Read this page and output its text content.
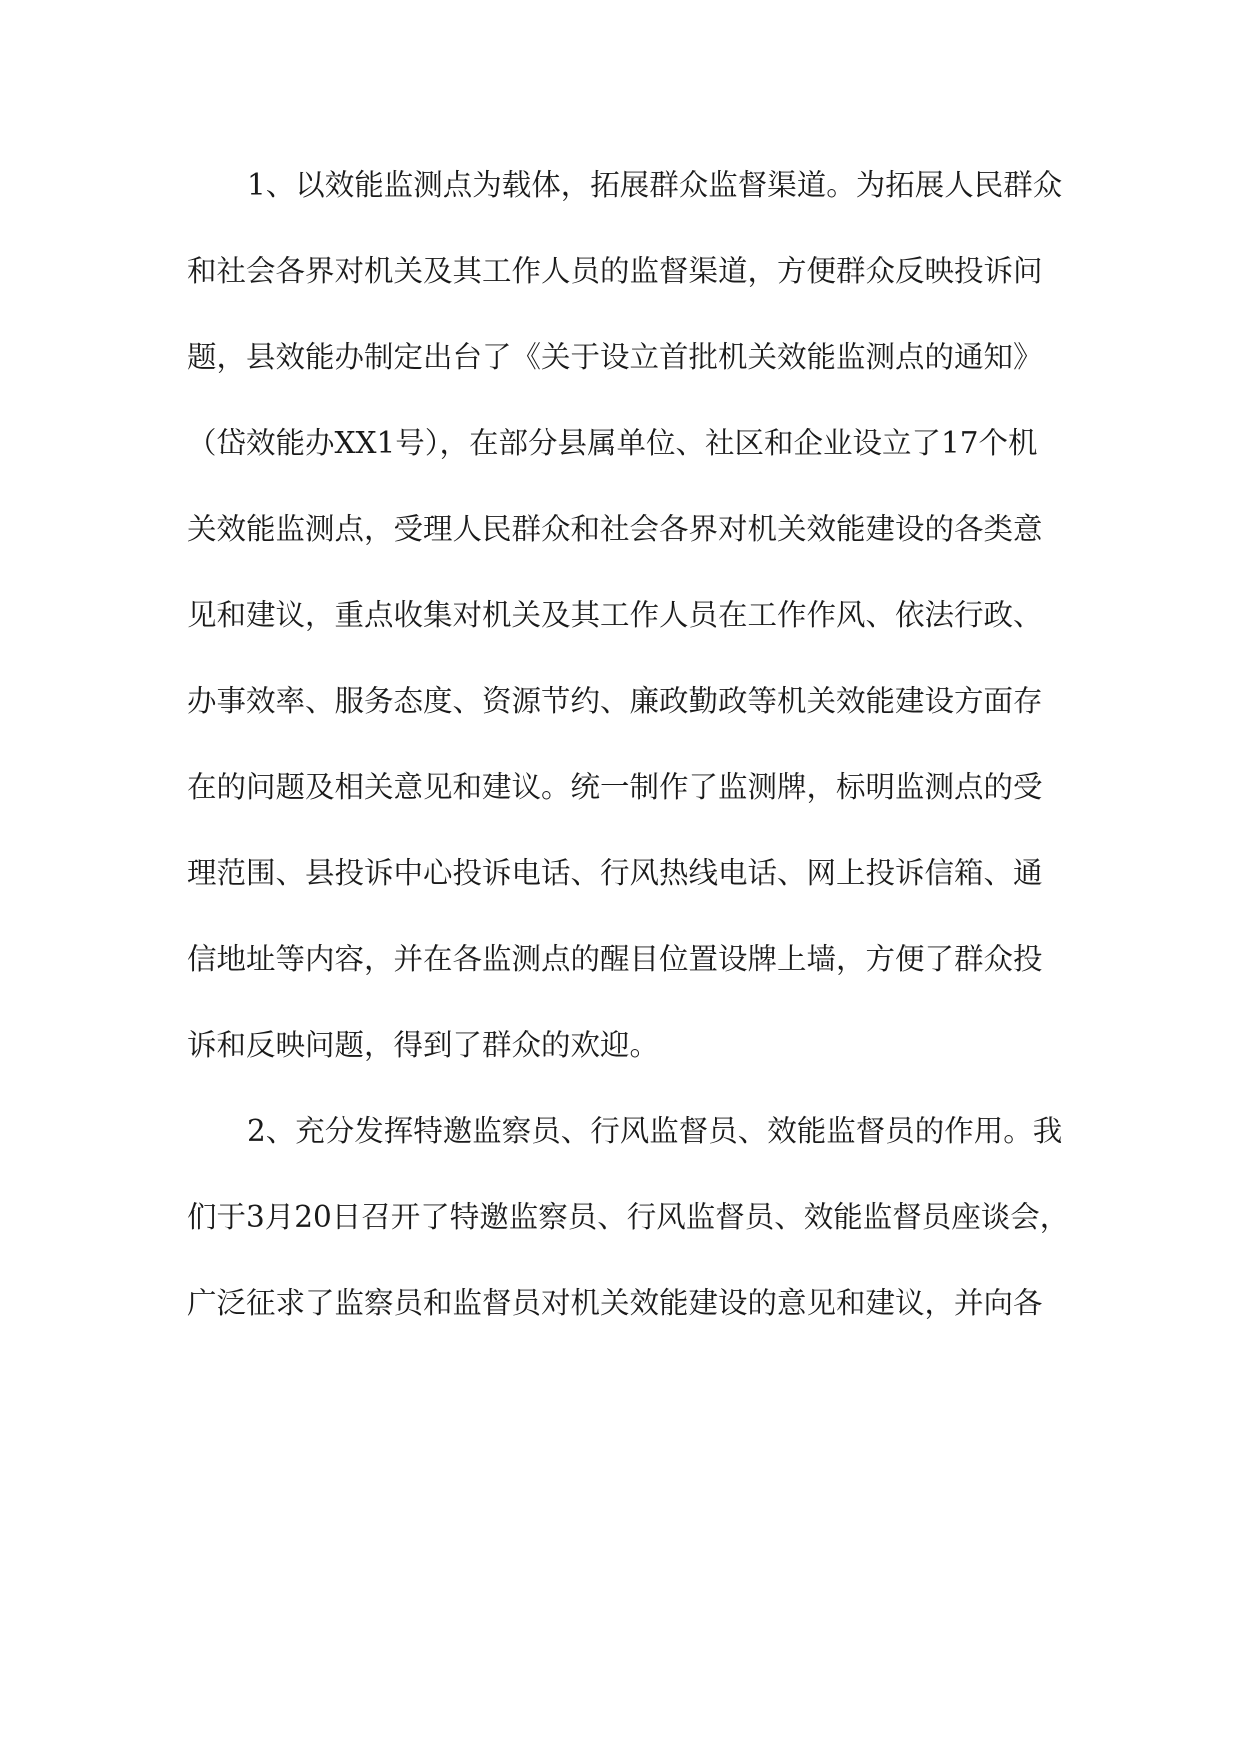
1、以效能监测点为载体，拓展群众监督渠道。为拓展人民群众
和社会各界对机关及其工作人员的监督渠道，方便群众反映投诉问
题，县效能办制定出台了《关于设立首批机关效能监测点的通知》
（岱效能办XX1号），在部分县属单位、社区和企业设立了17个机
关效能监测点，受理人民群众和社会各界对机关效能建设的各类意
见和建议，重点收集对机关及其工作人员在工作作风、依法行政、
办事效率、服务态度、资源节约、廉政勤政等机关效能建设方面存
在的问题及相关意见和建议。统一制作了监测牌，标明监测点的受
理范围、县投诉中心投诉电话、行风热线电话、网上投诉信箱、通
信地址等内容，并在各监测点的醒目位置设牌上墙，方便了群众投
诉和反映问题，得到了群众的欢迎。
2、充分发挥特邀监察员、行风监督员、效能监督员的作用。我
们于3月20日召开了特邀监察员、行风监督员、效能监督员座谈会，
广泛征求了监察员和监督员对机关效能建设的意见和建议，并向各
